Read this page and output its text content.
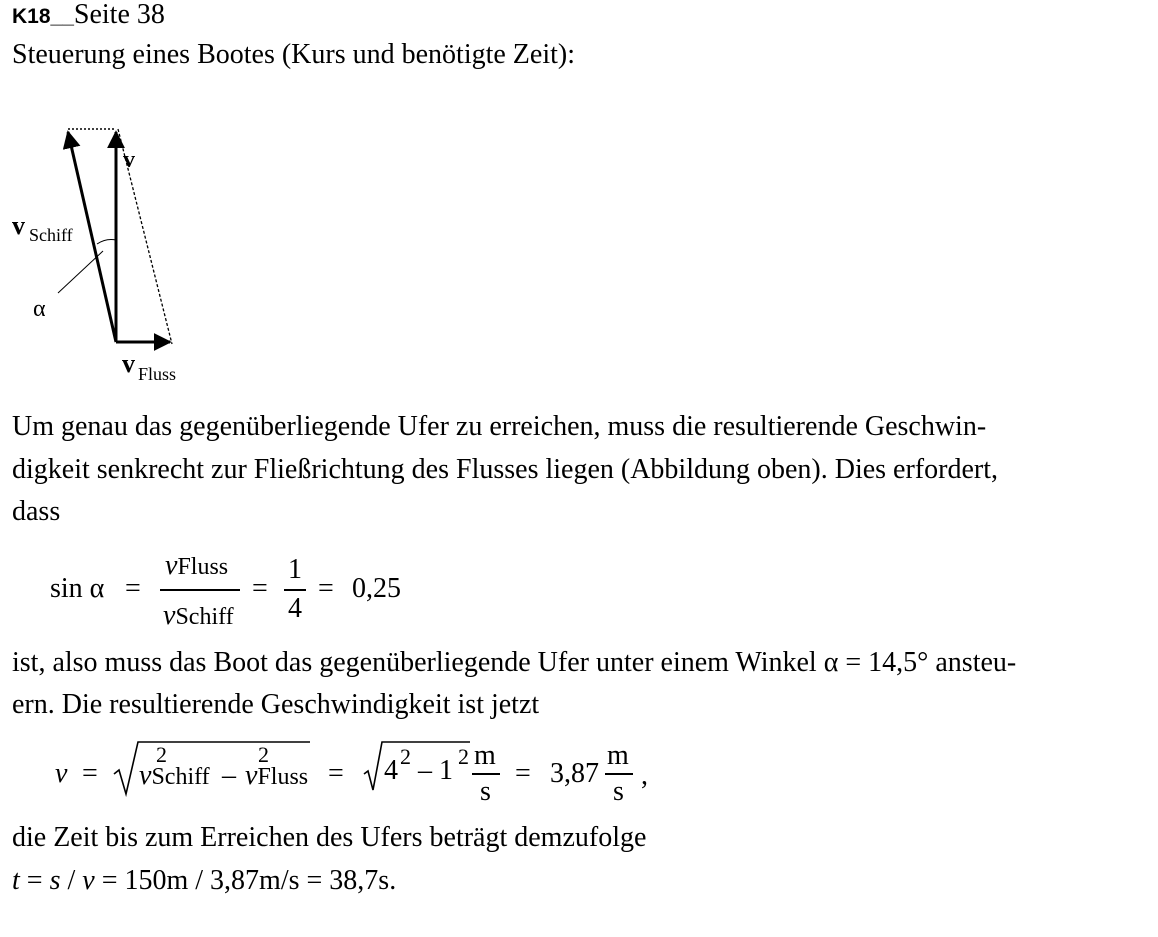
K18__Seite 38
Steuerung eines Bootes (Kurs und benötigte Zeit):
v
v Schiff
α
v Fluss
Um genau das gegenüberliegende Ufer zu erreichen, muss die resultierende Geschwin-
digkeit senkrecht zur Fließrichtung des Flusses liegen (Abbildung oben). Dies erfordert,
dass
sin α =
vFluss
vSchiff
=
1
4
= 0,25
ist, also muss das Boot das gegenüberliegende Ufer unter einem Winkel α = 14,5° ansteu-
ern. Die resultierende Geschwindigkeit ist jetzt
v = vSchiff
2
– vFluss
2
= 4 2 – 1 2 m
s
= 3,87
m
s
,
die Zeit bis zum Erreichen des Ufers beträgt demzufolge
t = s / v = 150m / 3,87m/s = 38,7s.
